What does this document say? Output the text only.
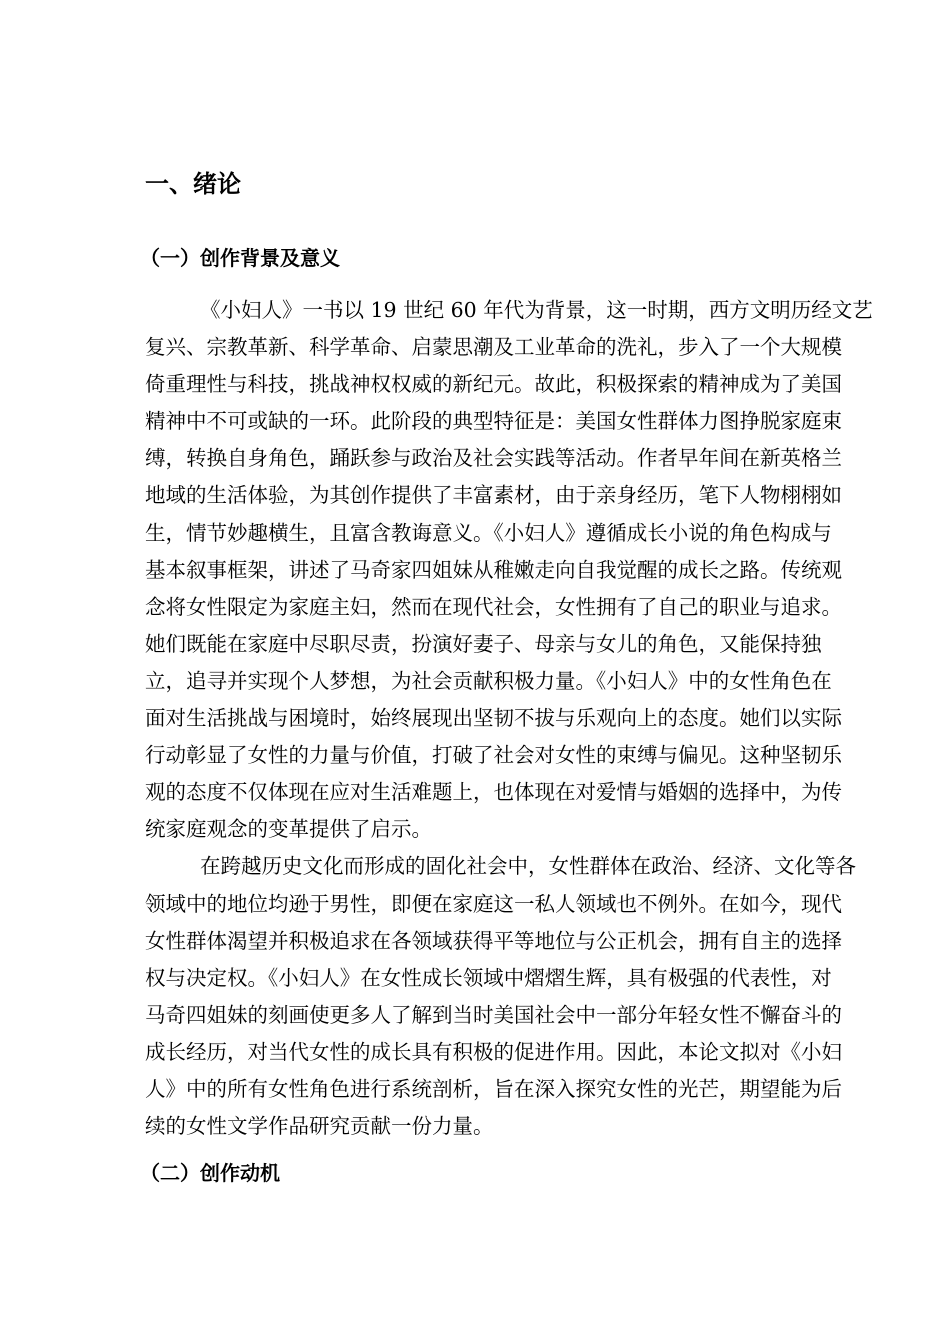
一、绪论
（一）创作背景及意义
《小妇人》一书以 19 世纪 60 年代为背景，这一时期，西方文明历经文艺
复兴、宗教革新、科学革命、启蒙思潮及工业革命的洗礼，步入了一个大规模
倚重理性与科技，挑战神权权威的新纪元。故此，积极探索的精神成为了美国
精神中不可或缺的一环。此阶段的典型特征是：美国女性群体力图挣脱家庭束
缚，转换自身角色，踊跃参与政治及社会实践等活动。作者早年间在新英格兰
地域的生活体验，为其创作提供了丰富素材，由于亲身经历，笔下人物栩栩如
生，情节妙趣横生，且富含教诲意义。《小妇人》遵循成长小说的角色构成与
基本叙事框架，讲述了马奇家四姐妹从稚嫩走向自我觉醒的成长之路。传统观
念将女性限定为家庭主妇，然而在现代社会，女性拥有了自己的职业与追求。
她们既能在家庭中尽职尽责，扮演好妻子、母亲与女儿的角色，又能保持独
立，追寻并实现个人梦想，为社会贡献积极力量。《小妇人》中的女性角色在
面对生活挑战与困境时，始终展现出坚韧不拔与乐观向上的态度。她们以实际
行动彰显了女性的力量与价值，打破了社会对女性的束缚与偏见。这种坚韧乐
观的态度不仅体现在应对生活难题上，也体现在对爱情与婚姻的选择中，为传
统家庭观念的变革提供了启示。
在跨越历史文化而形成的固化社会中，女性群体在政治、经济、文化等各
领域中的地位均逊于男性，即便在家庭这一私人领域也不例外。在如今，现代
女性群体渴望并积极追求在各领域获得平等地位与公正机会，拥有自主的选择
权与决定权。《小妇人》在女性成长领域中熠熠生辉，具有极强的代表性，对
马奇四姐妹的刻画使更多人了解到当时美国社会中一部分年轻女性不懈奋斗的
成长经历，对当代女性的成长具有积极的促进作用。因此，本论文拟对《小妇
人》中的所有女性角色进行系统剖析，旨在深入探究女性的光芒，期望能为后
续的女性文学作品研究贡献一份力量。
（二）创作动机
